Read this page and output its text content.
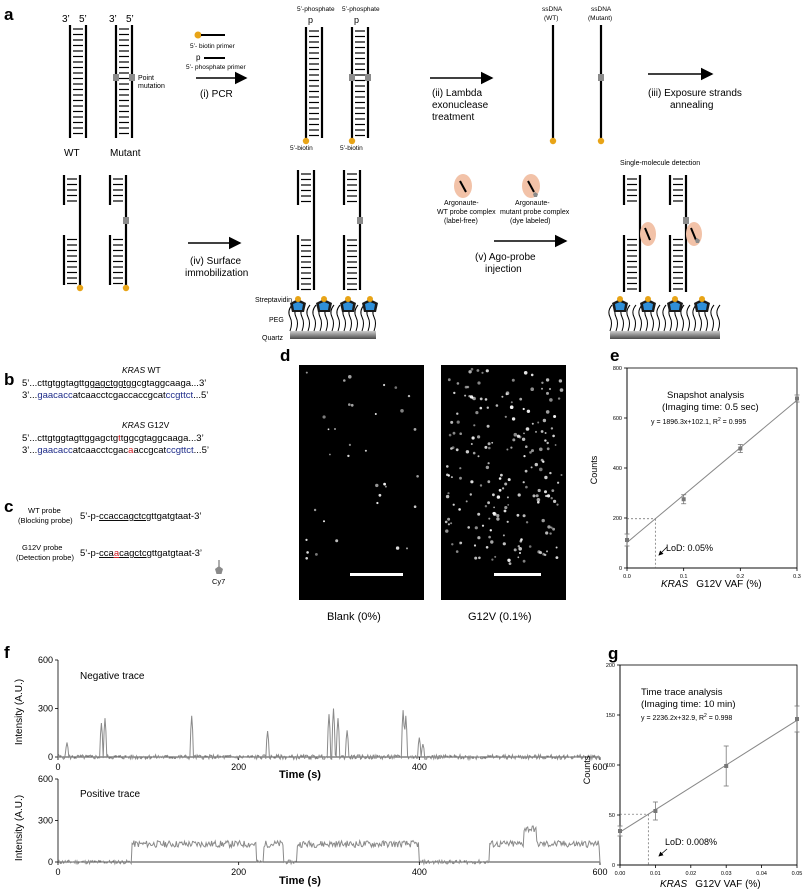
a	3’ 5’ 3’ 5’
WT	Mutant
Point
mutation
5’- biotin primer
p
5’- phosphate primer
(i) PCR
5’-phosphate 5’-phosphate
p	p
5’-biotin	5’-biotin
(ii) Lambda
exonuclease
treatment
ssDNA
(WT)
ssDNA
(Mutant)
(iii) Exposure strands
annealing
(iv) Surface
immobilization
Streptavidin
PEG
Quartz
Argonaute-
WT probe complex
(label-free)
Argonaute-
mutant probe complex
(dye labeled)
(v) Ago-probe
injection
Single-molecule detection
b	KRAS WT
5’...cttgtggtagttggagctggtggcgtaggcaaga...3’
3’...gaacaccatcaacctcgaccaccgcatccgttct...5’
KRAS G12V
5’...cttgtggtagttggagctgttggcgtaggcaaga...3’
3’...gaacaccatcaacctcgacaaccgcatccgttct...5’
c WT probe
(Blocking probe) 5’-p-ccaccagctcgttgatgtaat-3’
G12V probe
(Detection probe) 5’-p-ccaacagctcgttgatgtaat-3’
Cy7
d
Blank (0%)	G12V (0.1%)
e
0
200
400
600
800
0.0	0.1	0.2	0.3
Snapshot analysis
(Imaging time: 0.5 sec)
y = 1896.3x+102.1, $R^2 = 0.995$
LoD: 0.05%
Counts
KRAS G12V VAF (%)
f
0
300
600
0	200	400	600
0
300
600
0	200	400	600
Negative trace
Positive trace
Intensity (A.U.)
Intensity (A.U.)
Time (s)
Time (s)
g
0
50
100
150
200
0.00	0.01	0.02	0.03	0.04	0.05
Time trace analysis
(Imaging time: 10 min)
y = 2236.2x+32.9, $R^2 = 0.998$
LoD: 0.008%
Counts
KRAS G12V VAF (%)
